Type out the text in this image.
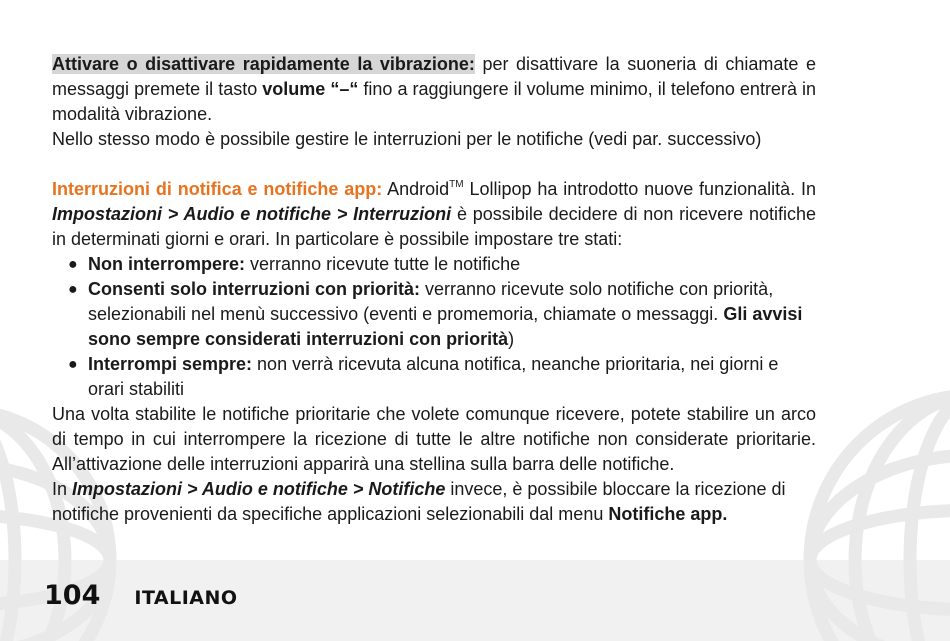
Attivare o disattivare rapidamente la vibrazione: per disattivare la suoneria di chiamate e messaggi premete il tasto volume “–“ fino a raggiungere il volume minimo, il telefono entrerà in modalità vibrazione.

Nello stesso modo è possibile gestire le interruzioni per le notifiche (vedi par. successivo)

Interruzioni di notifica e notifiche app: Android™ Lollipop ha introdotto nuove funzionalità. In Impostazioni > Audio e notifiche > Interruzioni è possibile decidere di non ricevere notifiche in determinati giorni e orari. In particolare è possibile impostare tre stati:

● Non interrompere: verranno ricevute tutte le notifiche
● Consenti solo interruzioni con priorità: verranno ricevute solo notifiche con priorità, selezionabili nel menù successivo (eventi e promemoria, chiamate o messaggi. Gli avvisi sono sempre considerati interruzioni con priorità)
● Interrompi sempre: non verrà ricevuta alcuna notifica, neanche prioritaria, nei giorni e orari stabiliti

Una volta stabilite le notifiche prioritarie che volete comunque ricevere, potete stabilire un arco di tempo in cui interrompere la ricezione di tutte le altre notifiche non considerate prioritarie. All’attivazione delle interruzioni apparirà una stellina sulla barra delle notifiche.

In Impostazioni > Audio e notifiche > Notifiche invece, è possibile bloccare la ricezione di notifiche provenienti da specifiche applicazioni selezionabili dal menu Notifiche app.

104 ITALIANO
